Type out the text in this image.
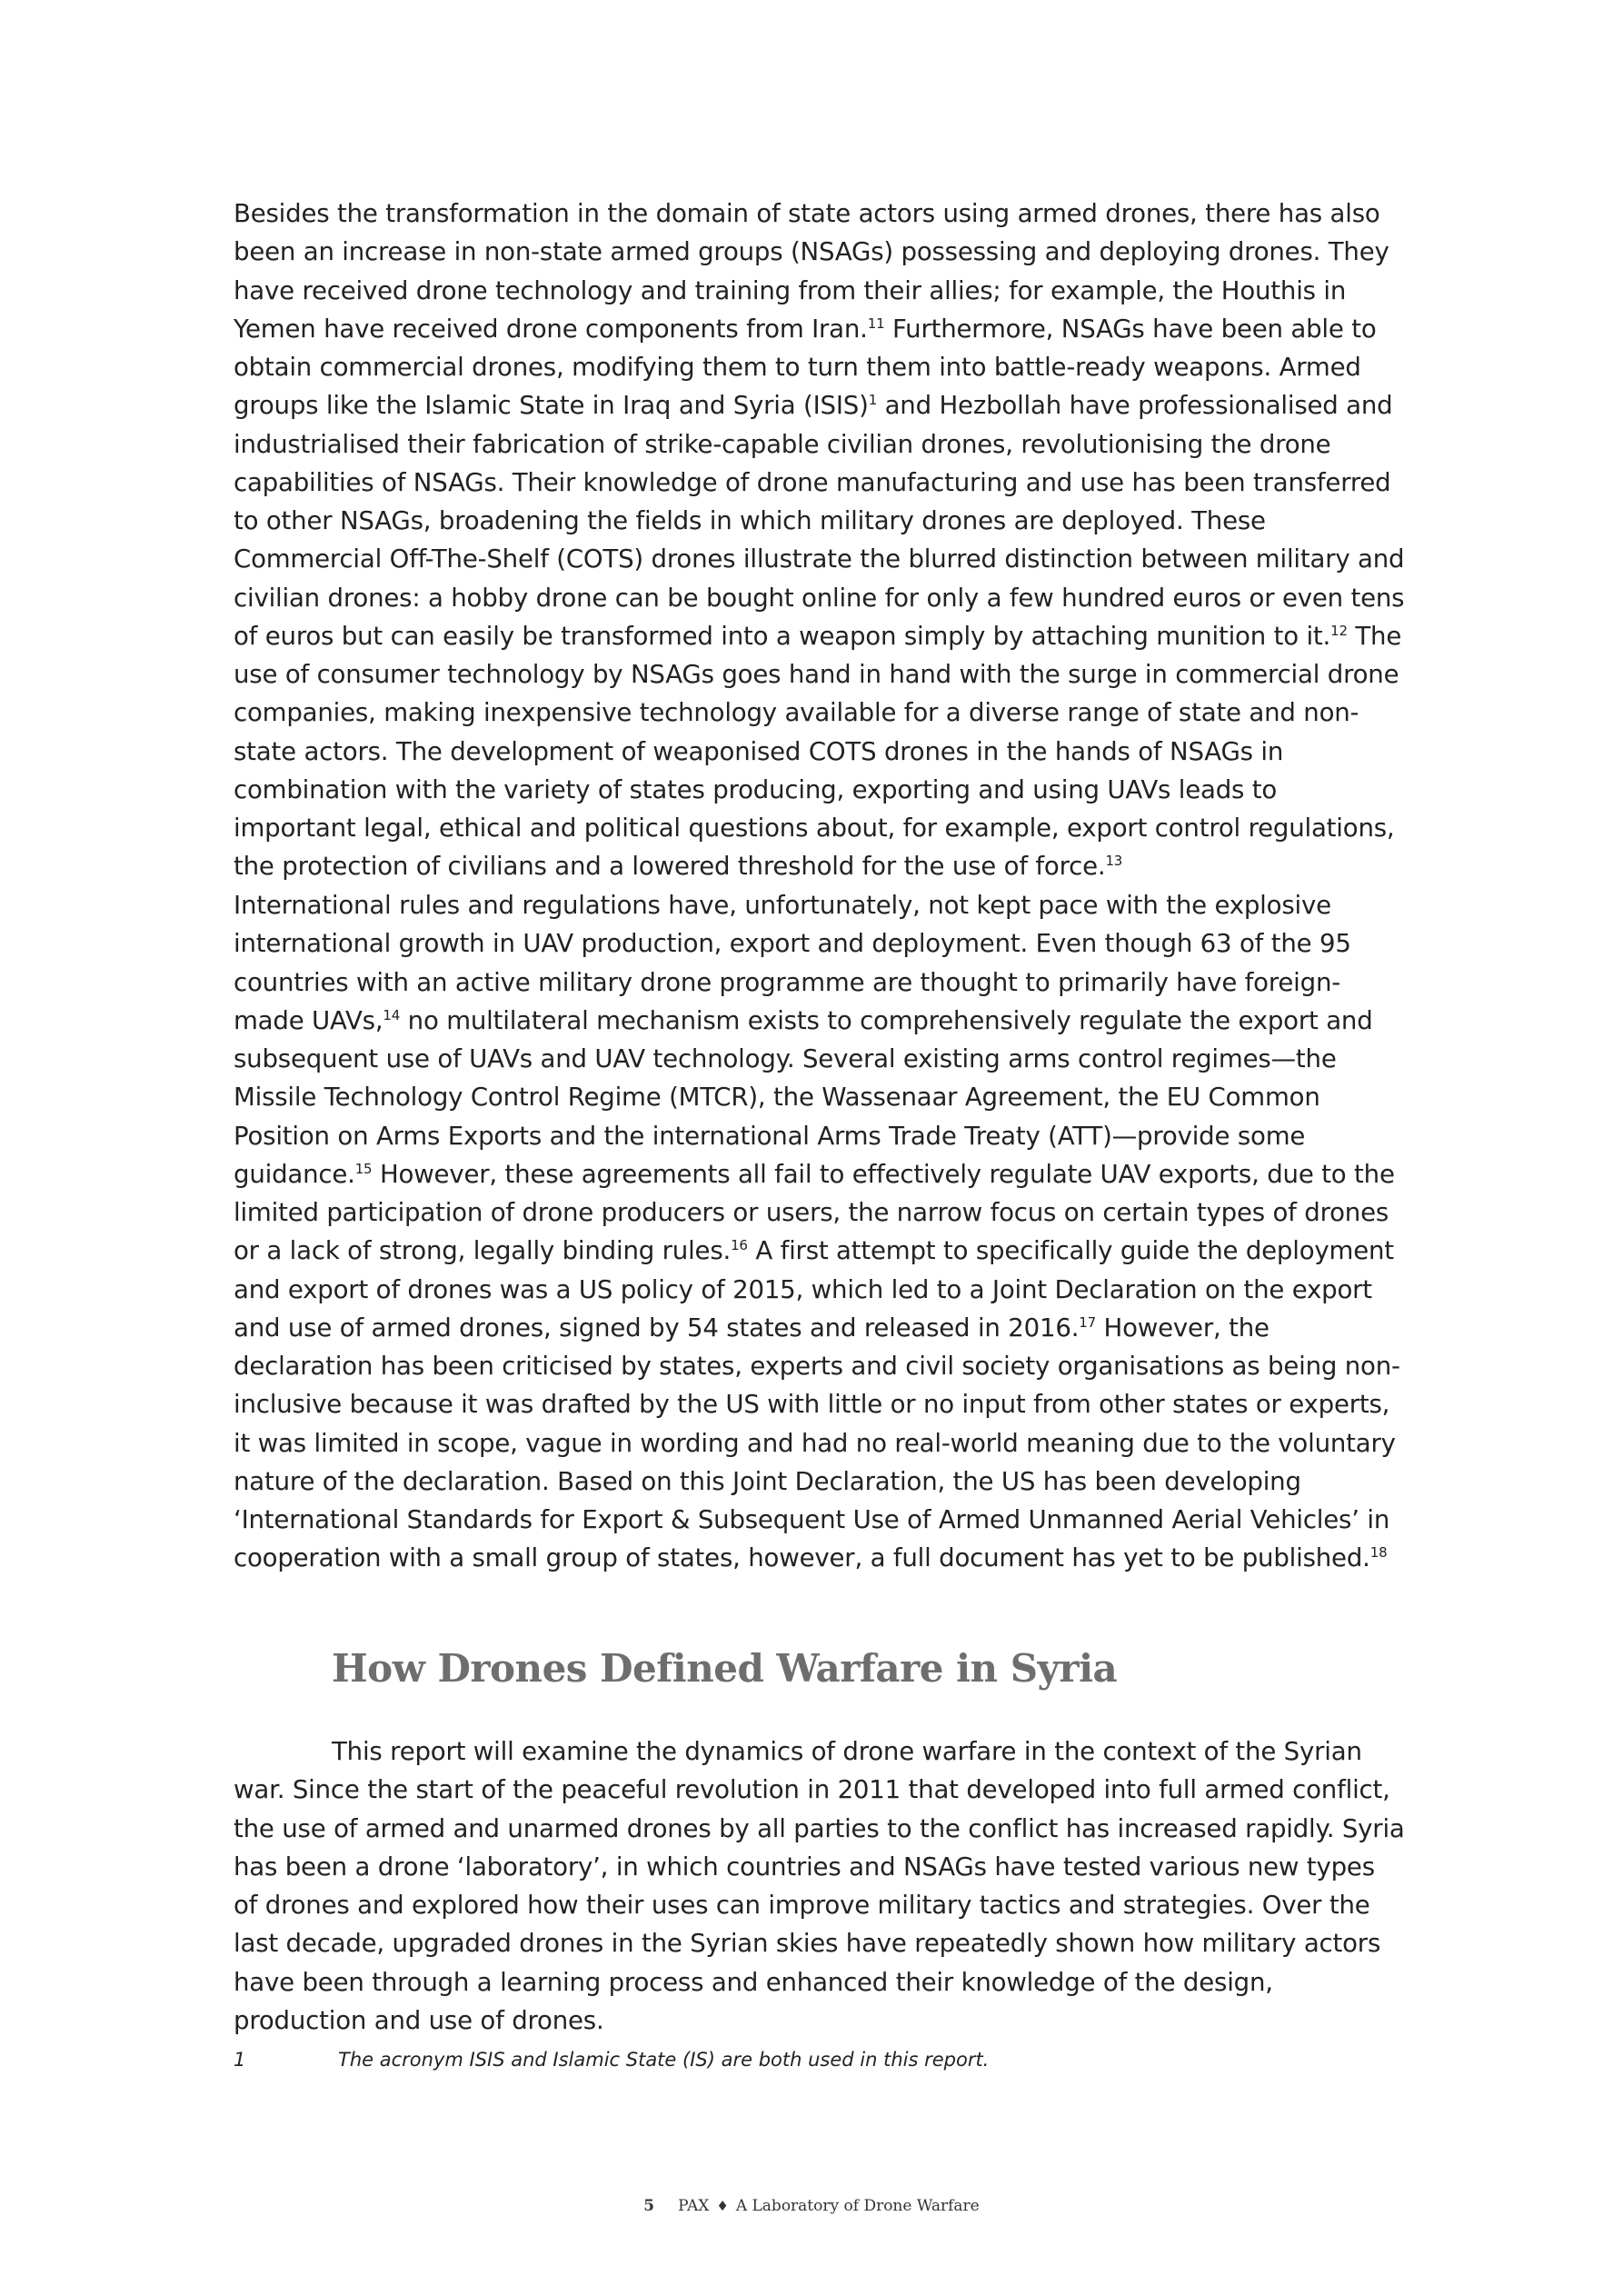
Besides the transformation in the domain of state actors using armed drones, there has also been an increase in non-state armed groups (NSAGs) possessing and deploying drones. They have received drone technology and training from their allies; for example, the Houthis in Yemen have received drone components from Iran.$^{11}$ Furthermore, NSAGs have been able to obtain commercial drones, modifying them to turn them into battle-ready weapons. Armed groups like the Islamic State in Iraq and Syria (ISIS)$^1$ and Hezbollah have professionalised and industrialised their fabrication of strike-capable civilian drones, revolutionising the drone capabilities of NSAGs. Their knowledge of drone manufacturing and use has been transferred to other NSAGs, broadening the fields in which military drones are deployed. These Commercial Off-The-Shelf (COTS) drones illustrate the blurred distinction between military and civilian drones: a hobby drone can be bought online for only a few hundred euros or even tens of euros but can easily be transformed into a weapon simply by attaching munition to it.$^{12}$ The use of consumer technology by NSAGs goes hand in hand with the surge in commercial drone companies, making inexpensive technology available for a diverse range of state and non-state actors. The development of weaponised COTS drones in the hands of NSAGs in combination with the variety of states producing, exporting and using UAVs leads to important legal, ethical and political questions about, for example, export control regulations, the protection of civilians and a lowered threshold for the use of force.$^{13}$

International rules and regulations have, unfortunately, not kept pace with the explosive international growth in UAV production, export and deployment. Even though 63 of the 95 countries with an active military drone programme are thought to primarily have foreign-made UAVs,$^{14}$ no multilateral mechanism exists to comprehensively regulate the export and subsequent use of UAVs and UAV technology. Several existing arms control regimes—the Missile Technology Control Regime (MTCR), the Wassenaar Agreement, the EU Common Position on Arms Exports and the international Arms Trade Treaty (ATT)—provide some guidance.$^{15}$ However, these agreements all fail to effectively regulate UAV exports, due to the limited participation of drone producers or users, the narrow focus on certain types of drones or a lack of strong, legally binding rules.$^{16}$ A first attempt to specifically guide the deployment and export of drones was a US policy of 2015, which led to a Joint Declaration on the export and use of armed drones, signed by 54 states and released in 2016.17 However, the declaration has been criticised by states, experts and civil society organisations as being non-inclusive because it was drafted by the US with little or no input from other states or experts, it was limited in scope, vague in wording and had no real-world meaning due to the voluntary nature of the declaration. Based on this Joint Declaration, the US has been developing ‘International Standards for Export & Subsequent Use of Armed Unmanned Aerial Vehicles’ in cooperation with a small group of states, however, a full document has yet to be published.$^{18}$

How Drones Defined Warfare in Syria

This report will examine the dynamics of drone warfare in the context of the Syrian war. Since the start of the peaceful revolution in 2011 that developed into full armed conflict, the use of armed and unarmed drones by all parties to the conflict has increased rapidly. Syria has been a drone ‘laboratory’, in which countries and NSAGs have tested various new types of drones and explored how their uses can improve military tactics and strategies. Over the last decade, upgraded drones in the Syrian skies have repeatedly shown how military actors have been through a learning process and enhanced their knowledge of the design, production and use of drones.

1	The acronym ISIS and Islamic State (IS) are both used in this report.
5 PAX ♦ A Laboratory of Drone Warfare
